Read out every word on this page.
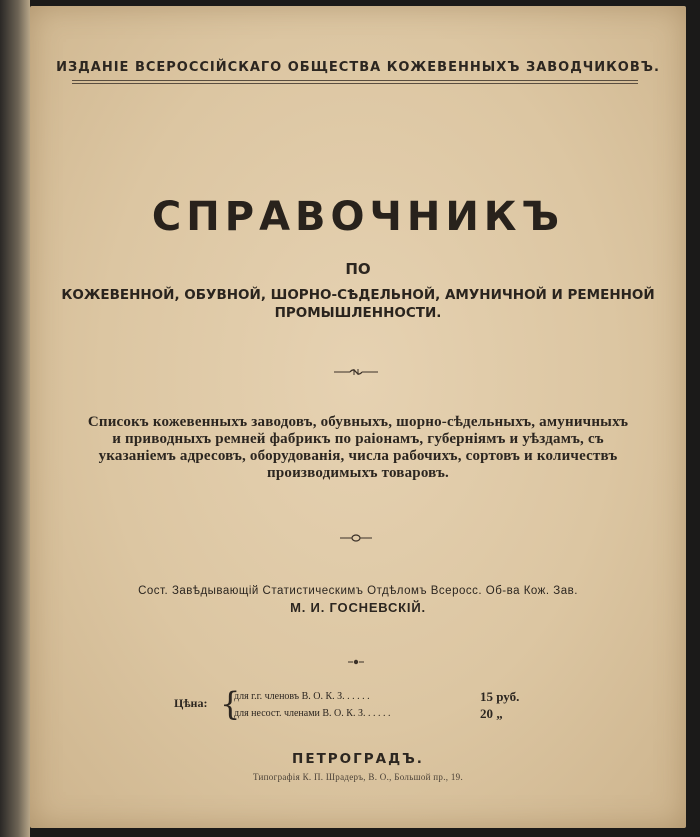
ИЗДАНІЕ ВСЕРОССІЙСКАГО ОБЩЕСТВА КОЖЕВЕННЫХЪ ЗАВОДЧИКОВЪ.
СПРАВОЧНИКЪ
ПО
КОЖЕВЕННОЙ, ОБУВНОЙ, ШОРНО-СѢДЕЛЬНОЙ, АМУНИЧНОЙ И РЕМЕННОЙ
ПРОМЫШЛЕННОСТИ.
Списокъ кожевенныхъ заводовъ, обувныхъ, шорно-сѣдельныхъ, амуничныхъ
и приводныхъ ремней фабрикъ по раіонамъ, губерніямъ и уѣздамъ, съ
указаніемъ адресовъ, оборудованія, числа рабочихъ, сортовъ и количествъ
производимыхъ товаровъ.
Сост. Завѣдывающій Статистическимъ Отдѣломъ Всеросс. Об-ва Кож. Зав.
М. И. ГОСНЕВСКІЙ.
Цѣна: {
для г.г. членовъ В. О. К. З. . . . . .	15 руб.
для несост. членами В. О. К. З. . . . . .	20 „
ПЕТРОГРАДЪ.
Типографія К. П. Шрадеръ, В. О., Большой пр., 19.
